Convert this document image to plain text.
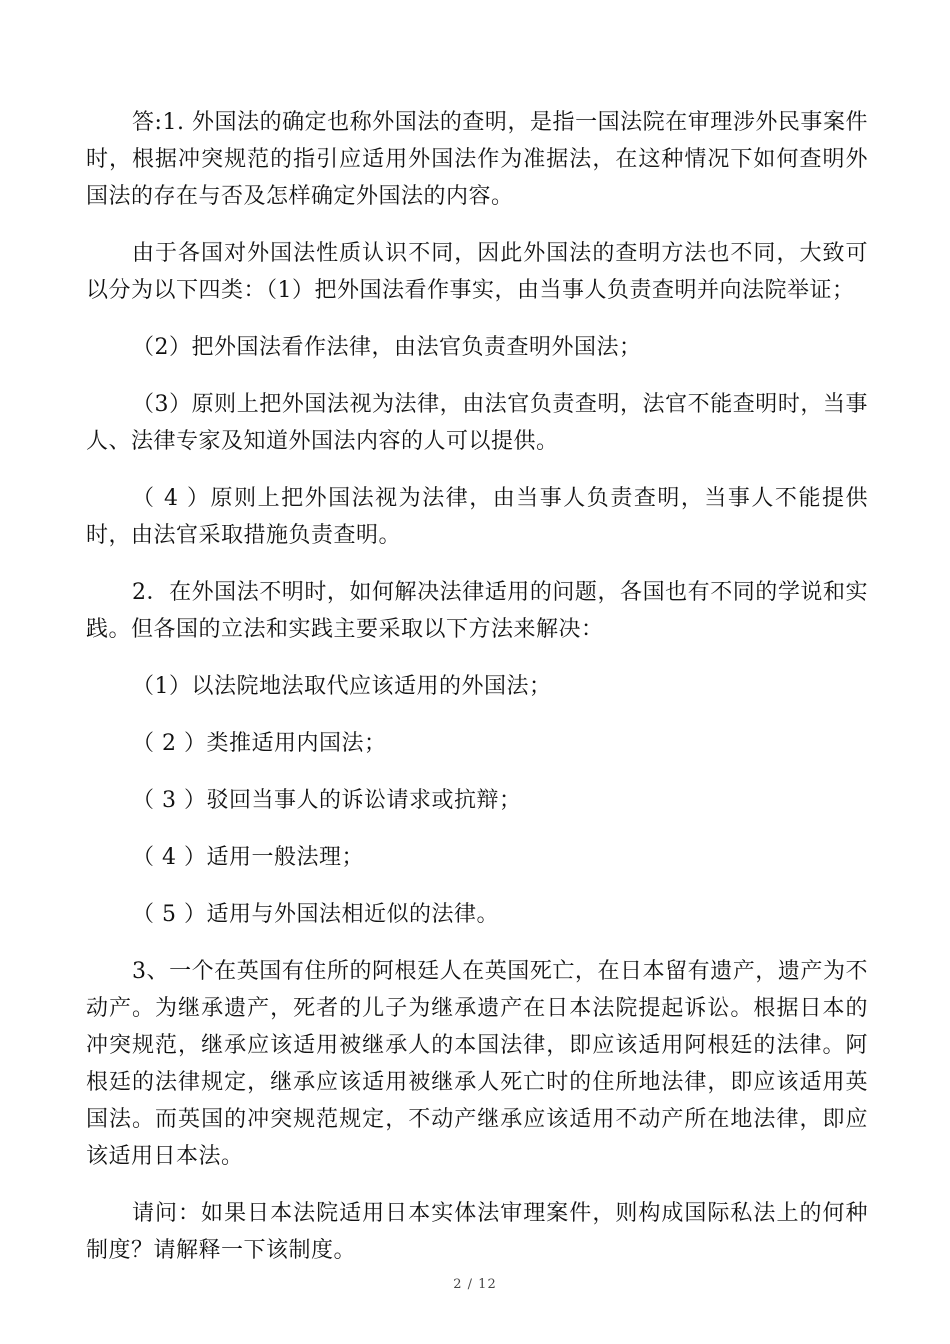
答:1. 外国法的确定也称外国法的查明，是指一国法院在审理涉外民事案件时，根据冲突规范的指引应适用外国法作为准据法，在这种情况下如何查明外国法的存在与否及怎样确定外国法的内容。

由于各国对外国法性质认识不同，因此外国法的查明方法也不同，大致可以分为以下四类：（1）把外国法看作事实，由当事人负责查明并向法院举证；

（2）把外国法看作法律，由法官负责查明外国法；

（3）原则上把外国法视为法律，由法官负责查明，法官不能查明时，当事人、法律专家及知道外国法内容的人可以提供。

（ 4 ）原则上把外国法视为法律，由当事人负责查明，当事人不能提供时，由法官采取措施负责查明。

2．在外国法不明时，如何解决法律适用的问题，各国也有不同的学说和实践。但各国的立法和实践主要采取以下方法来解决：

（1）以法院地法取代应该适用的外国法；

（ 2 ）类推适用内国法；

（ 3 ）驳回当事人的诉讼请求或抗辩；

（ 4 ）适用一般法理；

（ 5 ）适用与外国法相近似的法律。

3、一个在英国有住所的阿根廷人在英国死亡，在日本留有遗产，遗产为不动产。为继承遗产，死者的儿子为继承遗产在日本法院提起诉讼。根据日本的冲突规范，继承应该适用被继承人的本国法律，即应该适用阿根廷的法律。阿根廷的法律规定，继承应该适用被继承人死亡时的住所地法律，即应该适用英国法。而英国的冲突规范规定，不动产继承应该适用不动产所在地法律，即应该适用日本法。

请问：如果日本法院适用日本实体法审理案件，则构成国际私法上的何种制度？请解释一下该制度。

2 / 12
